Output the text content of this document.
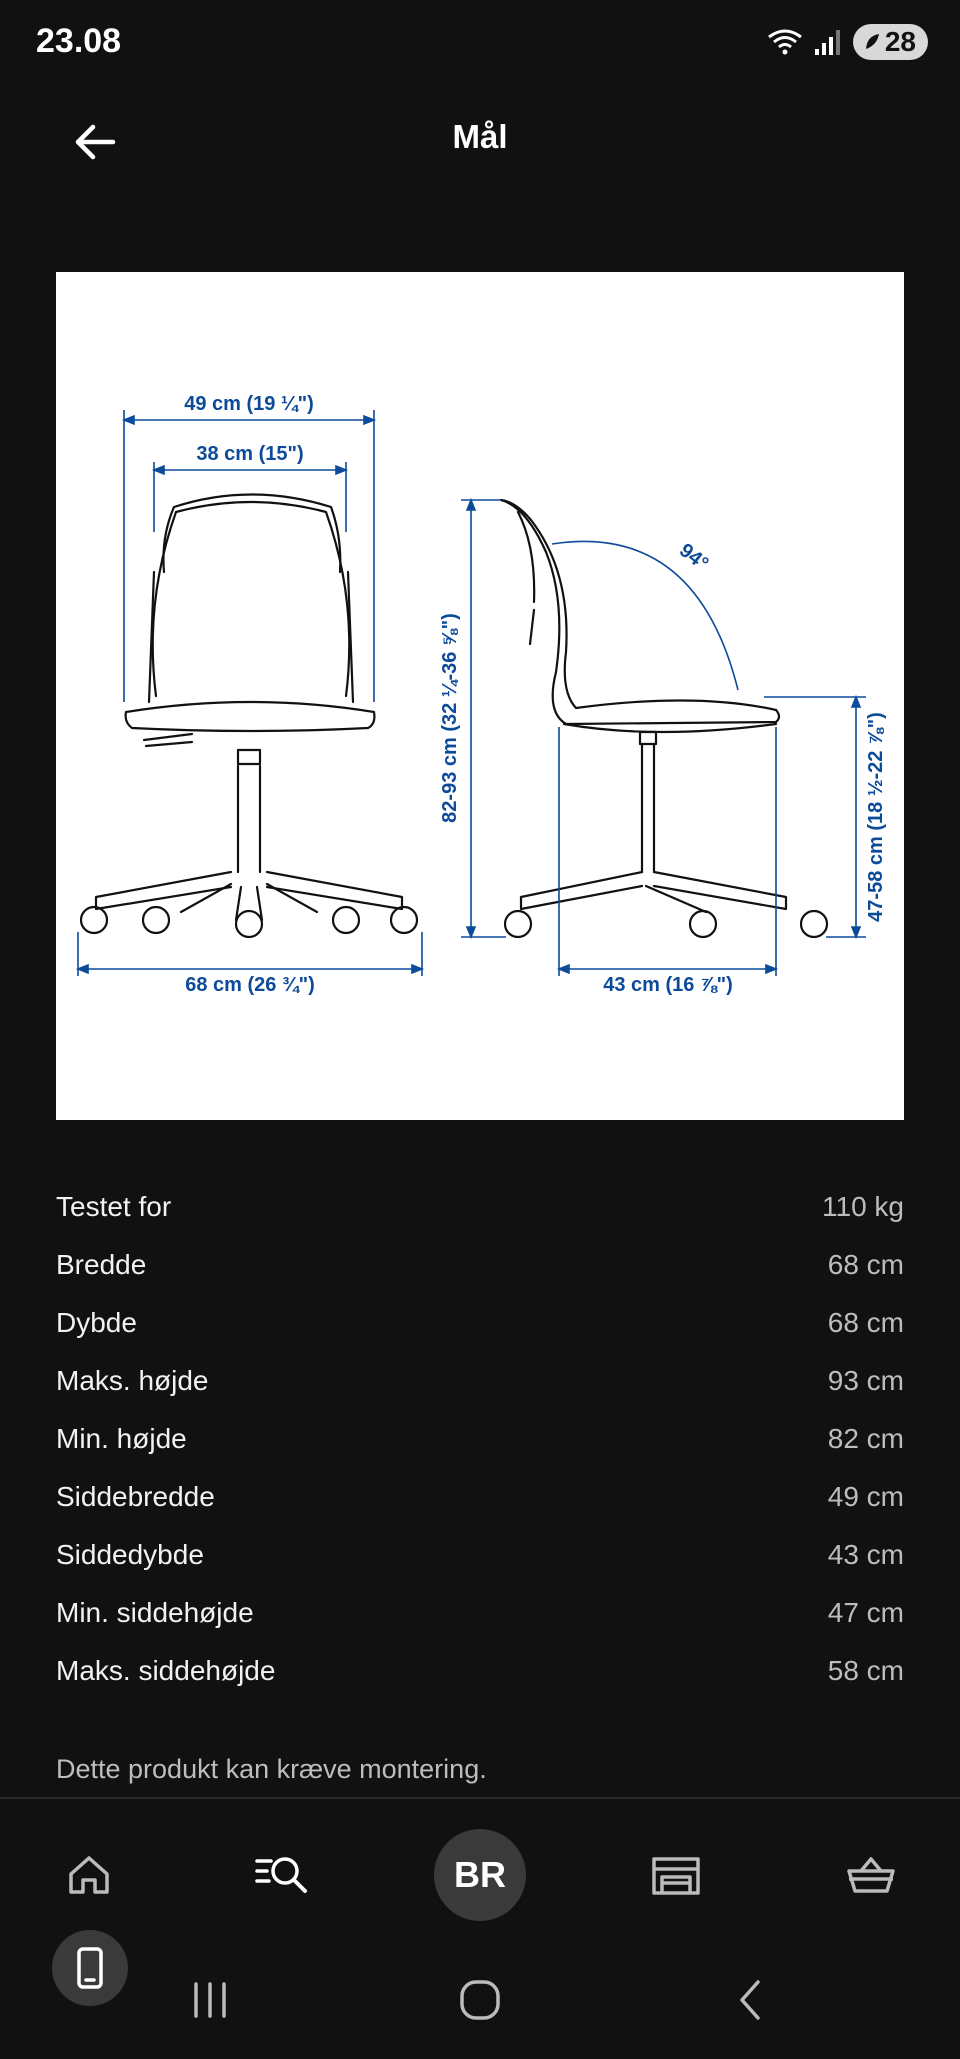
23.08	28
Mål
49 cm (19 ¼")
38 cm (15")
68 cm (26 ¾")	43 cm (16 ⅞")
82-93 cm (32 ¼-36 ⅝")	47-58 cm (18 ½-22 ⅞")
94°
Testet for	110 kg
Bredde	68 cm
Dybde	68 cm
Maks. højde	93 cm
Min. højde	82 cm
Siddebredde	49 cm
Siddedybde	43 cm
Min. siddehøjde	47 cm
Maks. siddehøjde	58 cm
Dette produkt kan kræve montering.
BR
